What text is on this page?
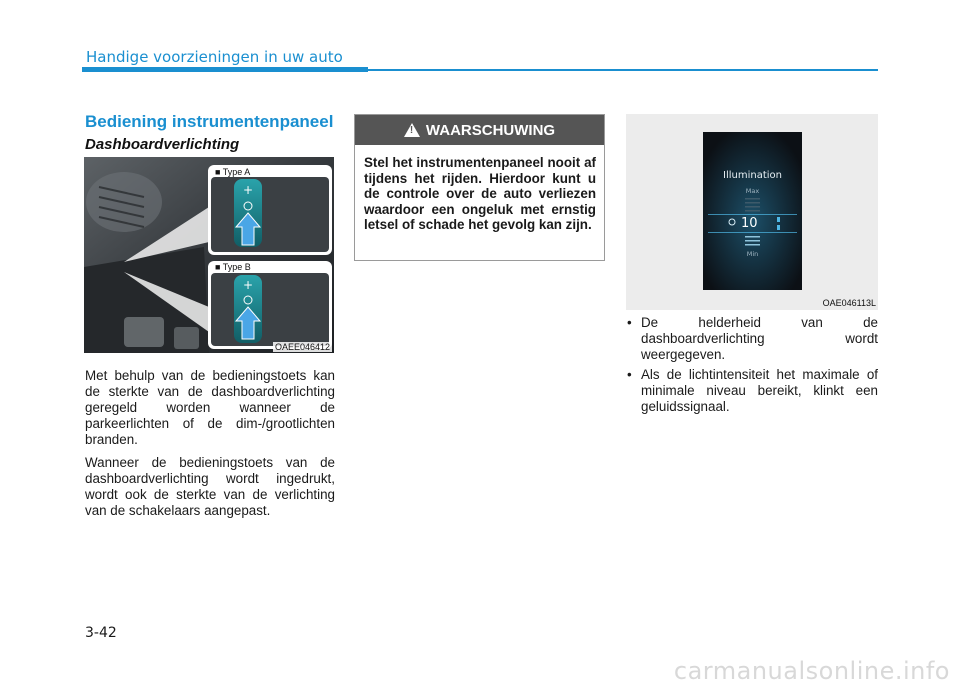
Handige voorzieningen in uw auto
Bediening instrumentenpaneel
Dashboardverlichting
+
+
■ Type A
■ Type B
OAEE046412

Met behulp van de bedieningstoets kan de sterkte van de dashboardverlichting geregeld worden wanneer de parkeerlichten of de dim-/grootlichten branden.

Wanneer de bedieningstoets van de dashboardverlichting wordt ingedrukt, wordt ook de sterkte van de verlichting van de schakelaars aangepast.

! WAARSCHUWING
Stel het instrumentenpaneel nooit af tijdens het rijden. Hierdoor kunt u de controle over de auto verliezen waardoor een ongeluk met ernstig letsel of schade het gevolg kan zijn.
Illumination
Max
10
Min
OAE046113L
• De helderheid van de dashboardverlichting wordt weergegeven.
• Als de lichtintensiteit het maximale of minimale niveau bereikt, klinkt een geluidssignaal.
3-42
carmanualsonline.info
